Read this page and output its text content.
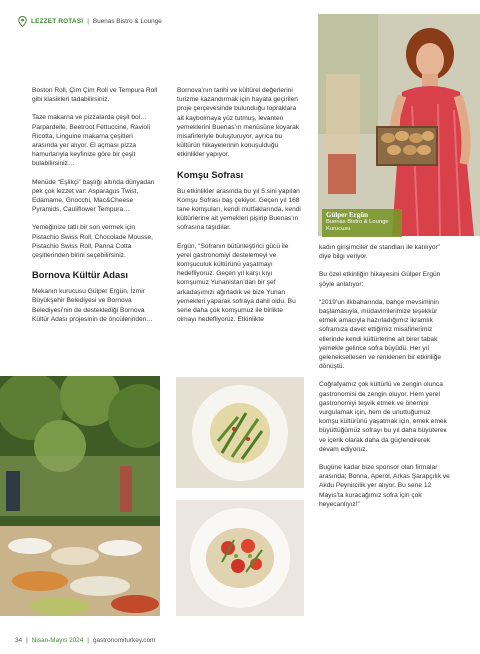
LEZZET ROTASI | Buenas Bistro & Lounge

Boston Roll, Çim Çim Roll ve Tempura Roll gibi klasikleri tadabilirsiniz.

Taze makarna ve pizzalarda çeşit bol… Parpardelle, Beetroot Fettuccine, Ravioli Ricotta, Linguine makarna çeşitleri arasında yer alıyor. El açması pizza hamurlarıyla keyfinize göre bir çeşit bulabilirsiniz…

Menüde “Eşlikçi” başlığı altında dünyadan pek çok lezzet var: Asparagus Twist, Edamame, Gnocchi, Mac&Cheese Pyramids, Cauliflower Tempura…

Yemeğinize tatlı bir son vermek için Pistachio Swiss Roll, Chocolade Mousse, Pistachio Swiss Roll, Panna Cotta çeşitlerinden birini seçebilirsiniz.

Bornova Kültür Adası

Mekanın kurucusu Gülper Ergün, İzmir Büyükşehir Belediyesi ve Bornova Belediyesi’nin de desteklediği Bornova Kültür Adası projesinin de öncülerinden…

Bornova’nın tarihi ve kültürel değerlerini turizme kazandırmak için hayata geçirilen proje çerçevesinde bulunduğu topraklara ait kaybolmaya yüz tutmuş, levanten yemeklerini Buenas’ın menüsüne koyarak misafirleriyle buluşturuyor, ayrıca bu kültürün hikayelerinin konuşulduğu etkinlikler yapıyor.

Komşu Sofrası

Bu etkinlikler arasında bu yıl 5.sini yapılan Komşu Sofrası baş çekiyor. Geçen yıl 168 tane komşuları, kendi mutfaklarında, kendi kültürlerine ait yemekleri pişirip Buenas’ın sofrasına taşıdılar.

Ergün, “Sofranın bütünleştirici gücü ile yerel gastronomiyi destelemeyi ve komşuculuk kültürünü yaşatmayı hedefliyoruz. Geçen yıl karşı kıyı komşumuz Yunanistan’dan bir şef arkadaşımızı ağırladık ve bize Yunan yemekleri yaparak sofraya dahil oldu. Bu sene daha çok komşumuz ile birlikte olmayı hedefliyoruz. Etkinlikte

kadın girişimciler de standları ile katılıyor” diye bilgi veriyor.

Bu özel etkinliğin hikayesini Gülper Ergün şöyle anlatıyor:

“2019’un ilkbaharında, bahçe mevsiminin başlamasıyla, müdavimlerimize teşekkür etmek amacıyla hazırladığımız ikramlık soframıza davet ettiğimiz misafirlerimiz ellerinde kendi kültürlerine ait birer tabak yemekle gelince sofra büyüdü. Her yıl geleneksellesen ve renklenen bir etkinliğe dönüştü.

Coğrafyamız çok kültürlü ve zengin olunca gastronomisi de zengin oluyor. Hem yerel gastronomiyi teşvik etmek ve önemini vurgulamak için, hem de unuttuğumuz komşu kültürünü yaşatmak için, emek emek büyüttüğümüz sofrayı bu yıl daha büyütereк ve içerik olarak daha da güçlendirerek devam ediyoruz.

Bugüne kadar bize sponsor olan firmalar arasında; Bonna, Aperol, Arkas Şarapçılık ve Akdu Peynircilik yer alıyor. Bu sene 12 Mayıs’ta kuracağımız sofra için çok heyecanlıyız!”

Gülper Ergün
Buenas Bistro & Lounge Kurucusu
34 | Nisan-Mayıs 2024 | gastronomiturkey.com
